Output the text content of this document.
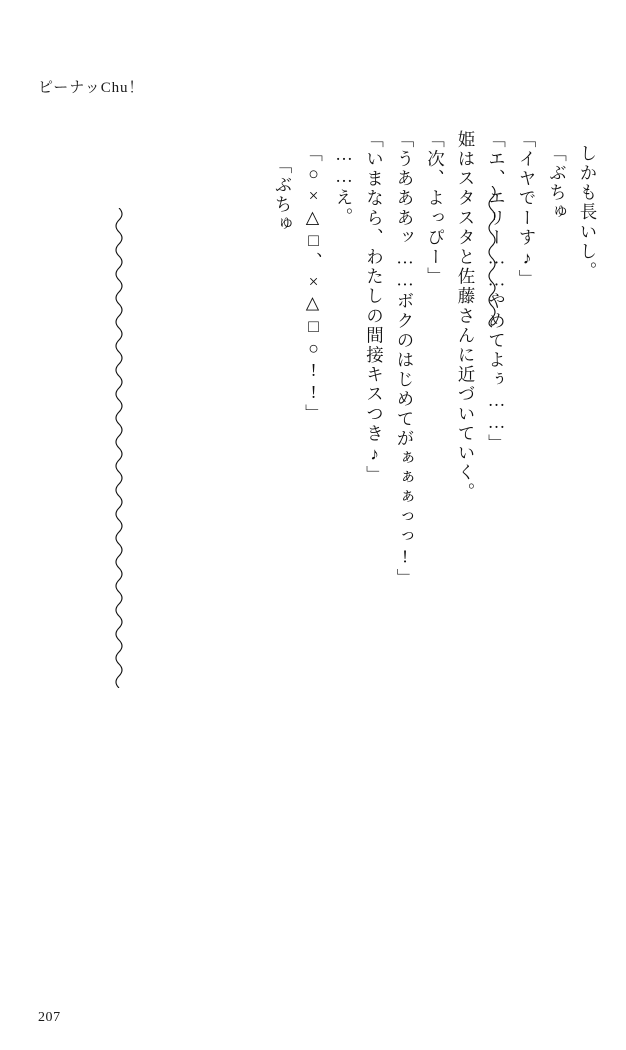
ピーナッChu！
「ぶちゅ 「○×△□、×△□○!!」 ……え。 「いまなら、わたしの間接キスつき♪」 「うあああッ……ボクのはじめてがぁぁぁっっ!」 「次、よっぴー」 姫はスタスタと佐藤さんに近づいていく。 「エ、エリー……やめてよぅ……」 「イヤでーす♪」 「ぶちゅ しかも長いし。
207
